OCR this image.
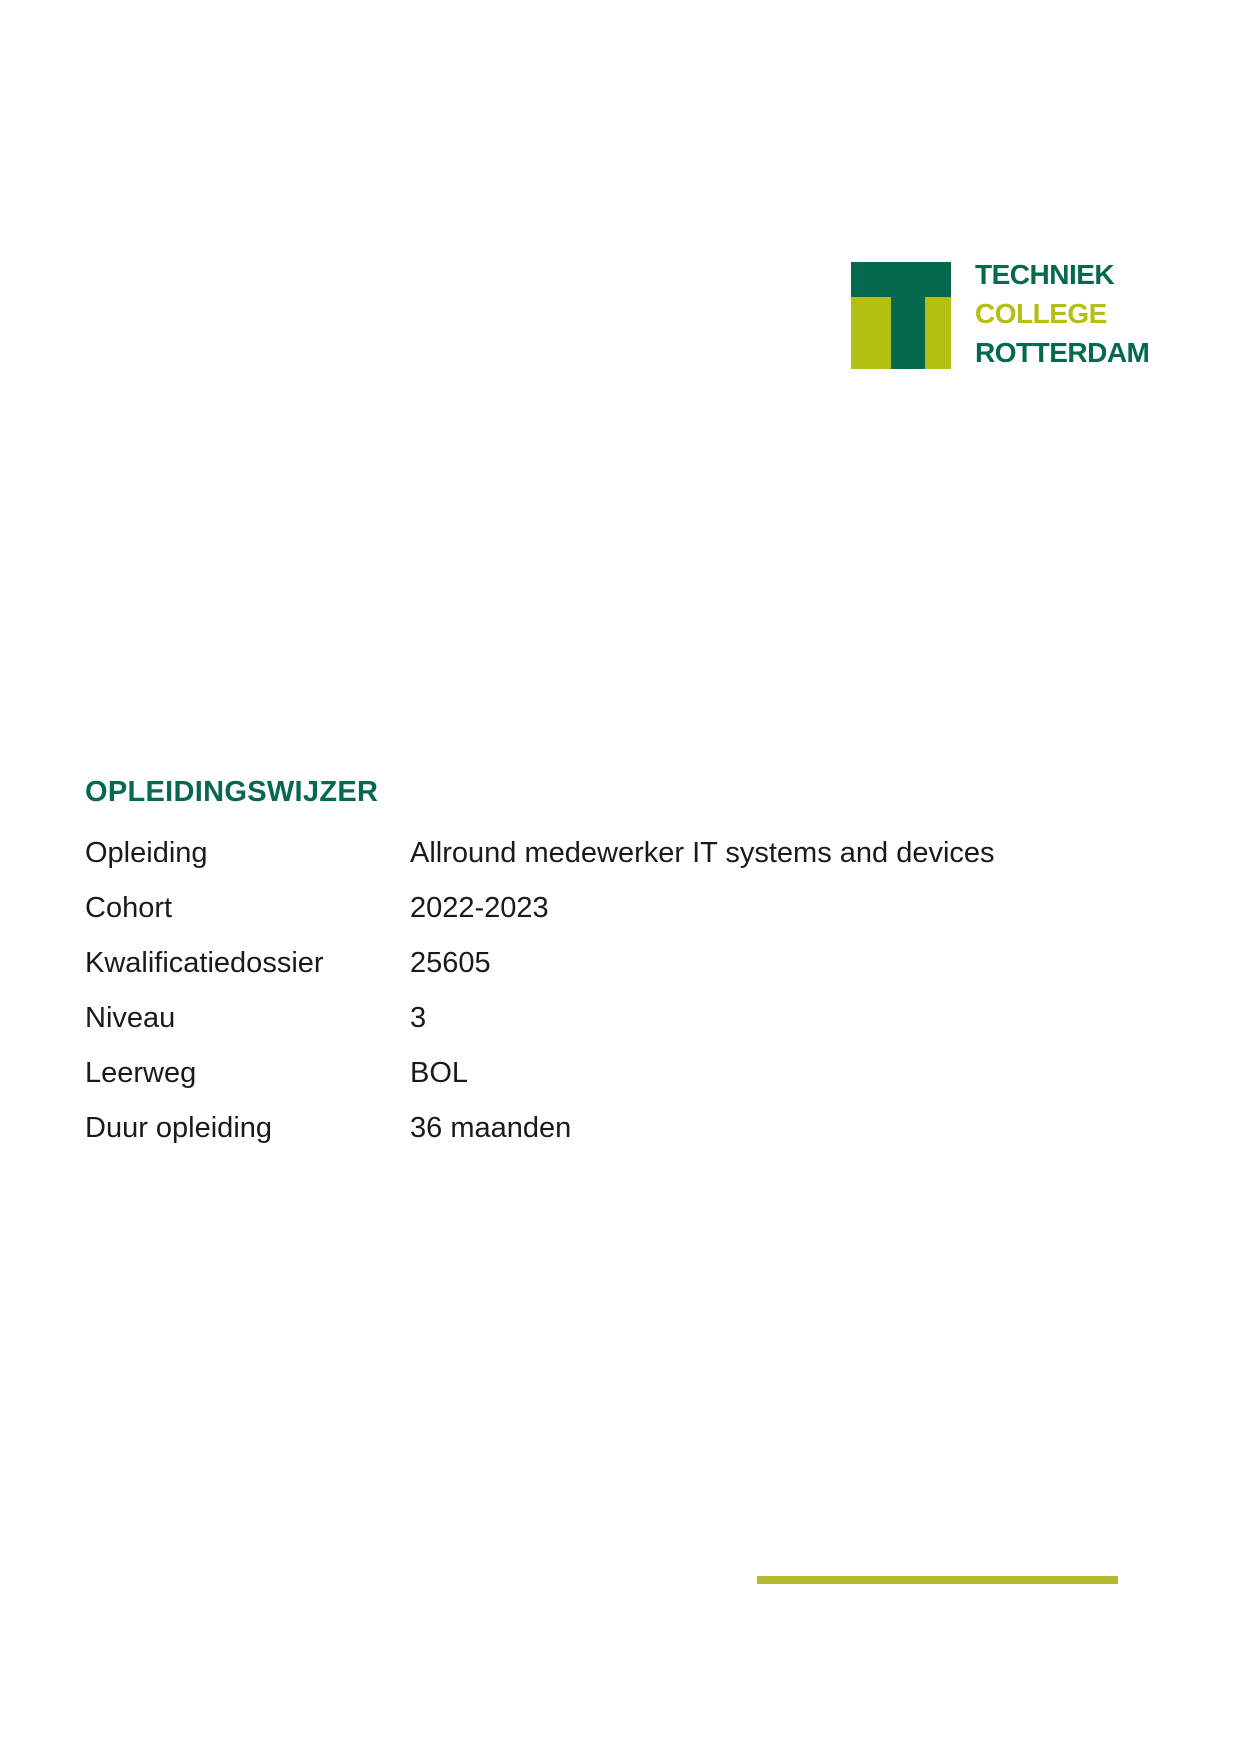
TECHNIEK
COLLEGE
ROTTERDAM
OPLEIDINGSWIJZER
Opleiding	Allround medewerker IT systems and devices
Cohort	2022-2023
Kwalificatiedossier	25605
Niveau	3
Leerweg	BOL
Duur opleiding	36 maanden
